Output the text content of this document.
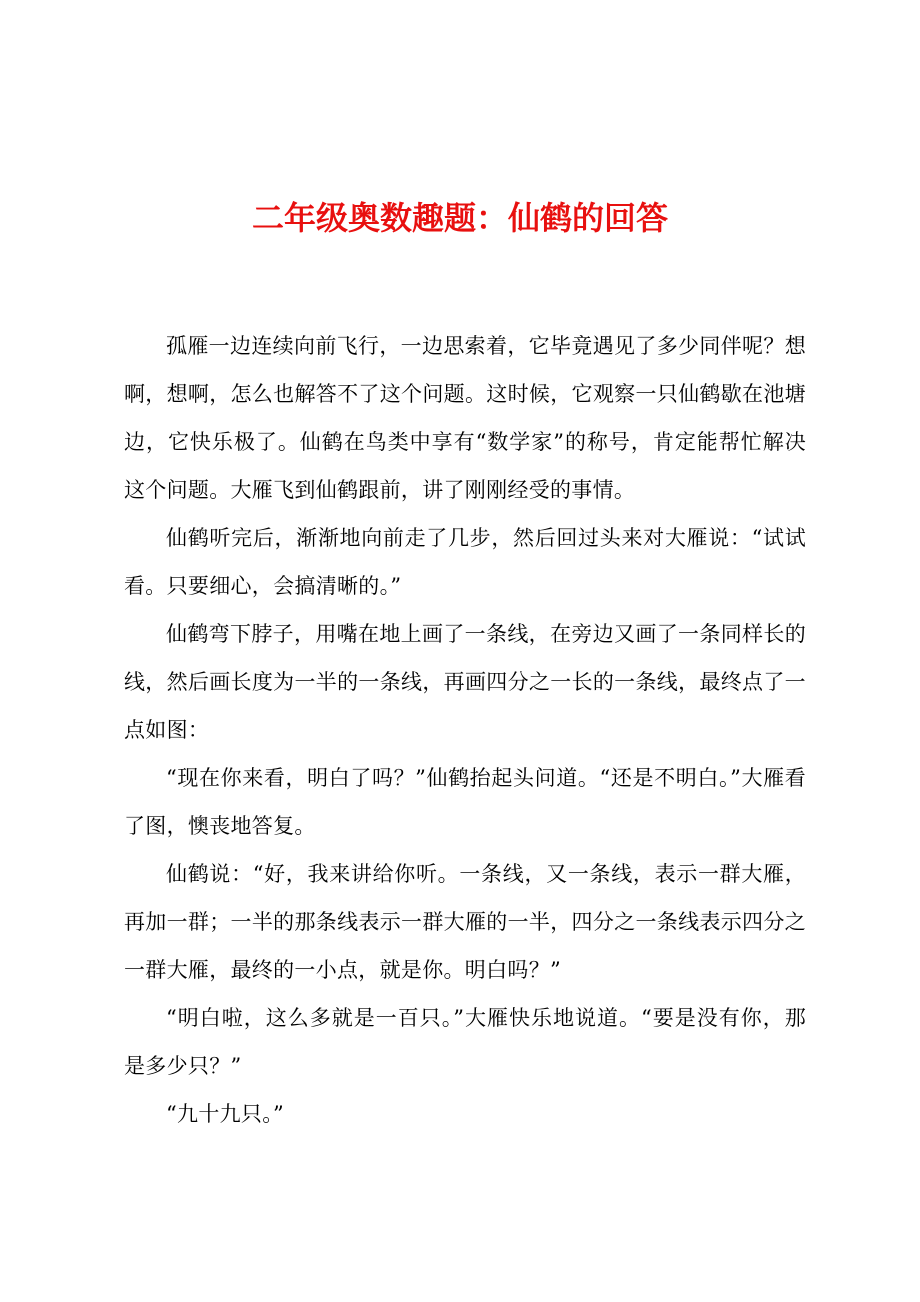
二年级奥数趣题：仙鹤的回答

孤雁一边连续向前飞行，一边思索着，它毕竟遇见了多少同伴呢？想啊，想啊，怎么也解答不了这个问题。这时候，它观察一只仙鹤歇在池塘边，它快乐极了。仙鹤在鸟类中享有“数学家”的称号，肯定能帮忙解决这个问题。大雁飞到仙鹤跟前，讲了刚刚经受的事情。

仙鹤听完后，渐渐地向前走了几步，然后回过头来对大雁说：“试试看。只要细心，会搞清晰的。”

仙鹤弯下脖子，用嘴在地上画了一条线，在旁边又画了一条同样长的线，然后画长度为一半的一条线，再画四分之一长的一条线，最终点了一点如图：

“现在你来看，明白了吗？”仙鹤抬起头问道。“还是不明白。”大雁看了图，懊丧地答复。

仙鹤说：“好，我来讲给你听。一条线，又一条线，表示一群大雁，再加一群；一半的那条线表示一群大雁的一半，四分之一条线表示四分之一群大雁，最终的一小点，就是你。明白吗？”

“明白啦，这么多就是一百只。”大雁快乐地说道。“要是没有你，那是多少只？”

“九十九只。”
